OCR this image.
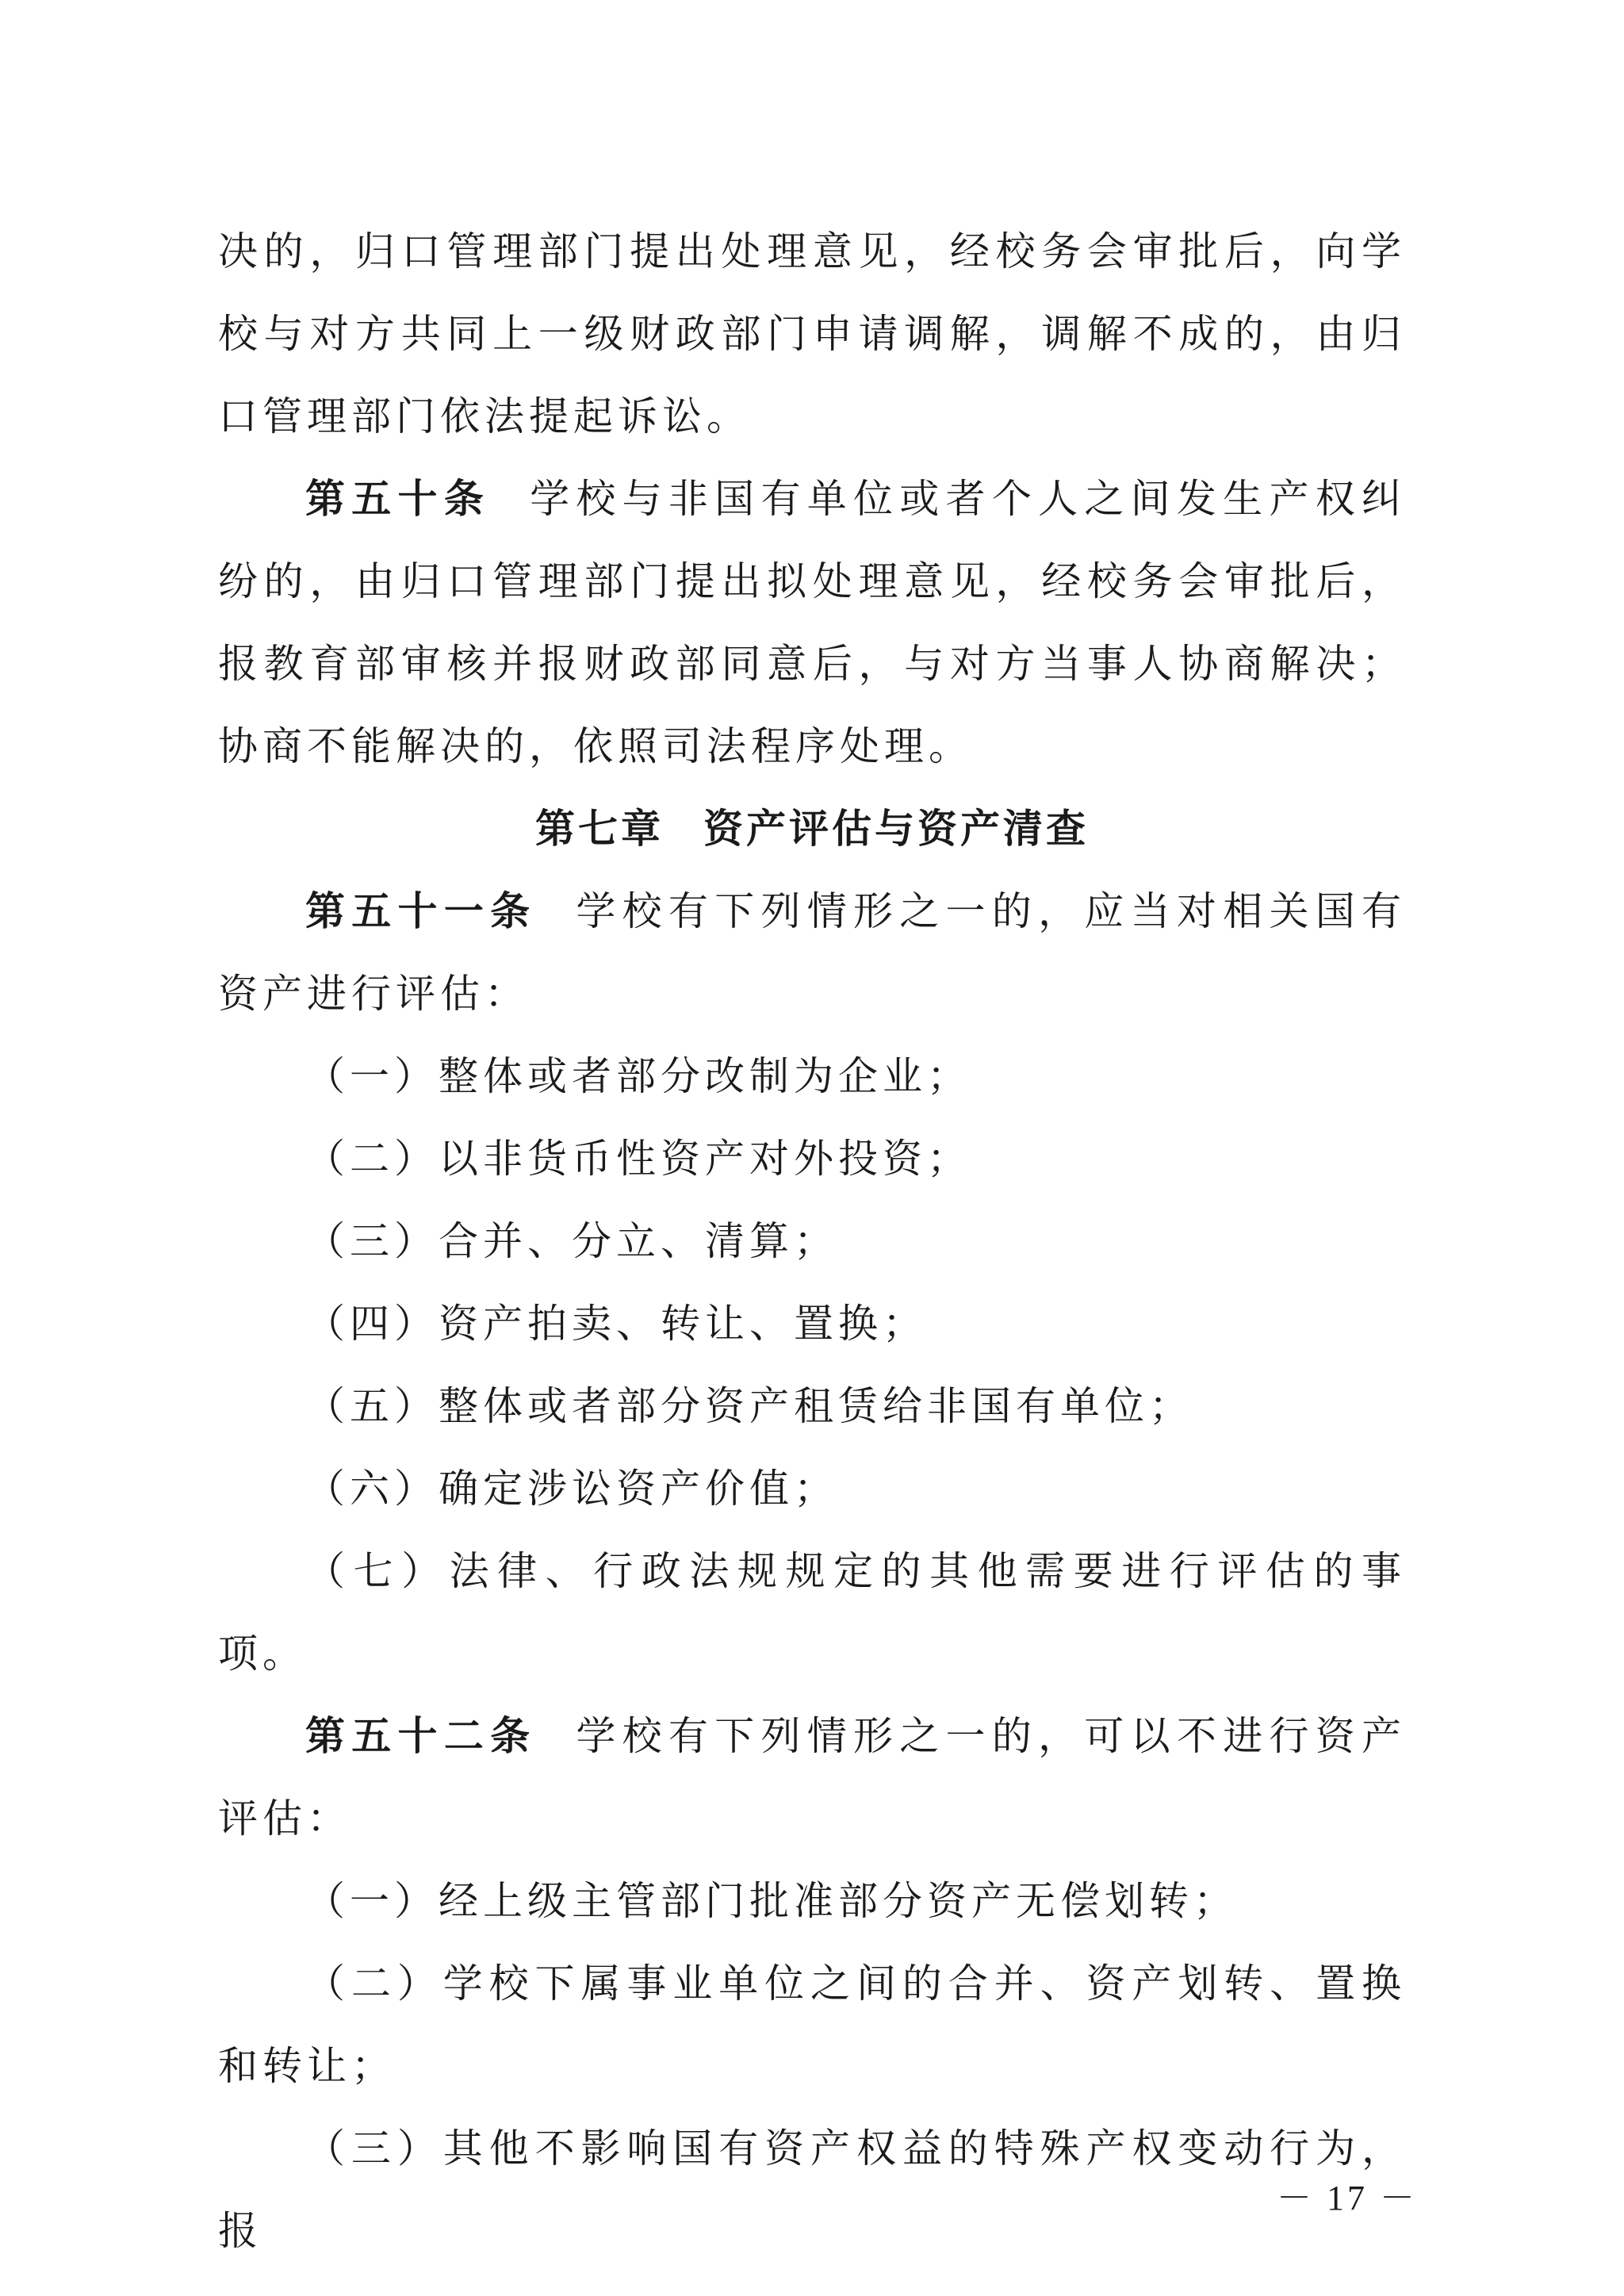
决的，归口管理部门提出处理意见，经校务会审批后，向学校与对方共同上一级财政部门申请调解，调解不成的，由归口管理部门依法提起诉讼。

第五十条 学校与非国有单位或者个人之间发生产权纠纷的，由归口管理部门提出拟处理意见，经校务会审批后，报教育部审核并报财政部同意后，与对方当事人协商解决；协商不能解决的，依照司法程序处理。

第七章 资产评估与资产清查

第五十一条 学校有下列情形之一的，应当对相关国有资产进行评估：

（一）整体或者部分改制为企业；

（二）以非货币性资产对外投资；

（三）合并、分立、清算；

（四）资产拍卖、转让、置换；

（五）整体或者部分资产租赁给非国有单位；

（六）确定涉讼资产价值；

（七）法律、行政法规规定的其他需要进行评估的事项。

第五十二条 学校有下列情形之一的，可以不进行资产评估：

（一）经上级主管部门批准部分资产无偿划转；

（二）学校下属事业单位之间的合并、资产划转、置换和转让；

（三）其他不影响国有资产权益的特殊产权变动行为，报

－ 17 －
